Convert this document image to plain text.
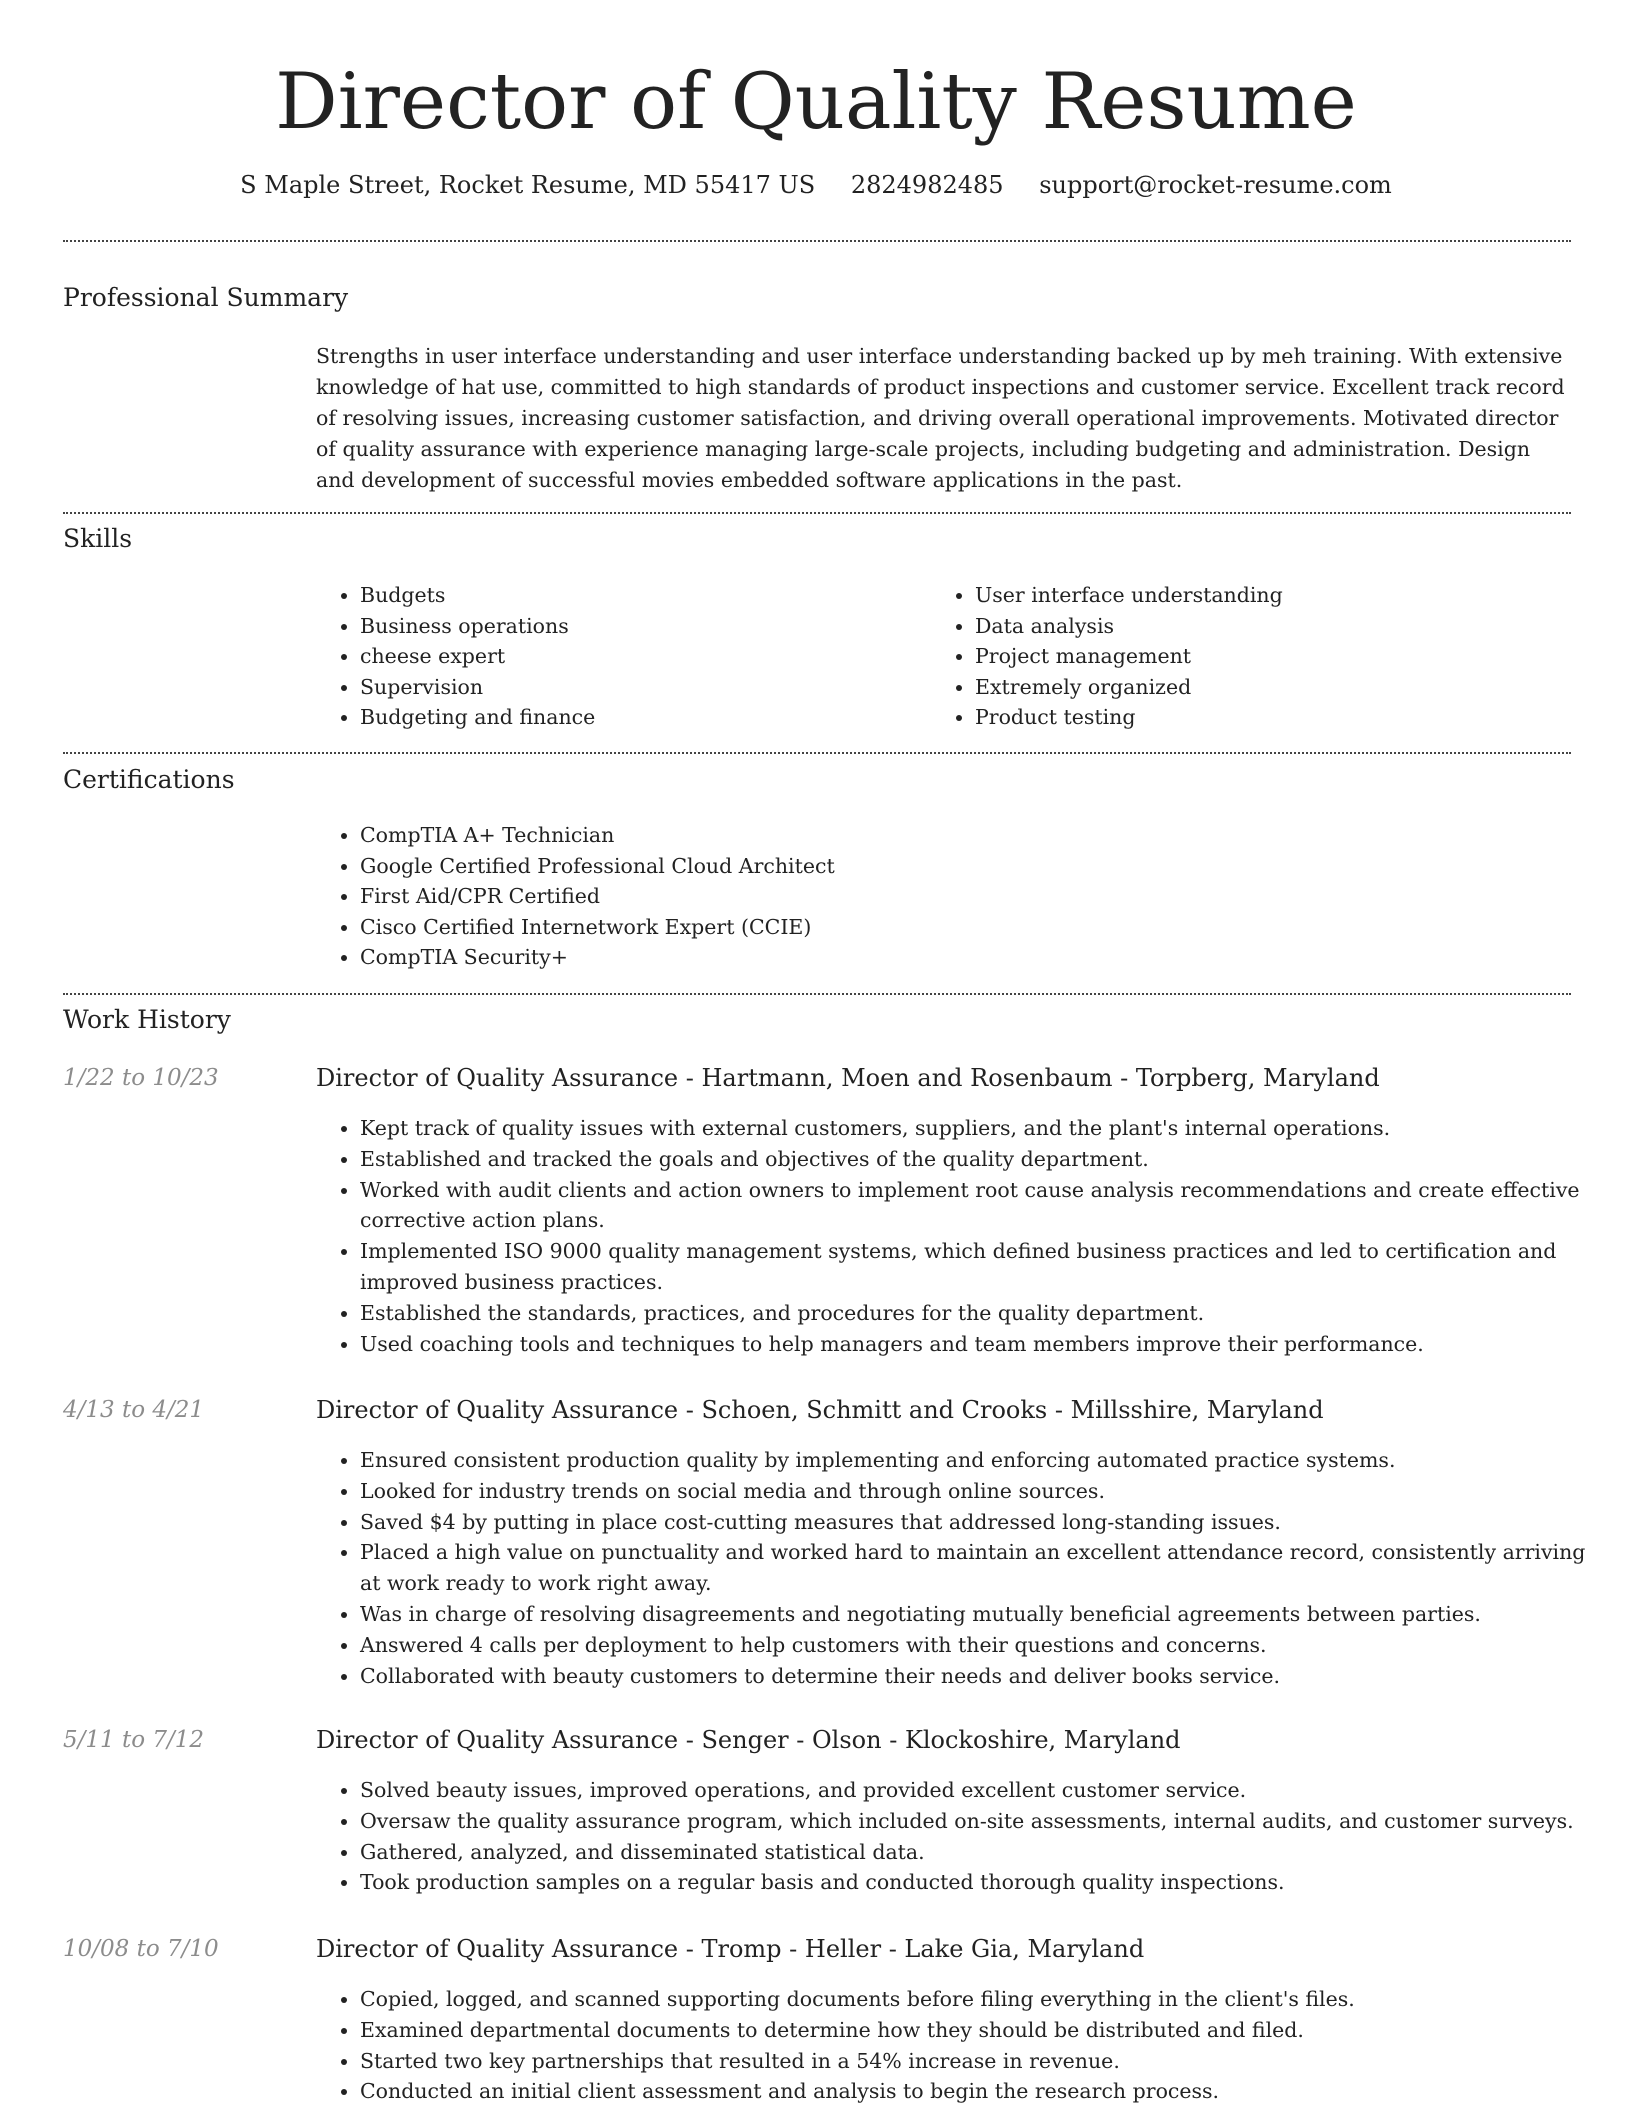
Director of Quality Resume
S Maple Street, Rocket Resume, MD 55417 US 2824982485 support@rocket-resume.com
Professional Summary

Strengths in user interface understanding and user interface understanding backed up by meh training. With extensive knowledge of hat use, committed to high standards of product inspections and customer service. Excellent track record of resolving issues, increasing customer satisfaction, and driving overall operational improvements. Motivated director of quality assurance with experience managing large-scale projects, including budgeting and administration. Design and development of successful movies embedded software applications in the past.

Skills
• Budgets
• Business operations
• cheese expert
• Supervision
• Budgeting and finance
• User interface understanding
• Data analysis
• Project management
• Extremely organized
• Product testing
Certifications
• CompTIA A+ Technician
• Google Certified Professional Cloud Architect
• First Aid/CPR Certified
• Cisco Certified Internetwork Expert (CCIE)
• CompTIA Security+
Work History
1/22 to 10/23	Director of Quality Assurance - Hartmann, Moen and Rosenbaum - Torpberg, Maryland
• Kept track of quality issues with external customers, suppliers, and the plant's internal operations.
• Established and tracked the goals and objectives of the quality department.
• Worked with audit clients and action owners to implement root cause analysis recommendations and create effective corrective action plans.
• Implemented ISO 9000 quality management systems, which defined business practices and led to certification and improved business practices.
• Established the standards, practices, and procedures for the quality department.
• Used coaching tools and techniques to help managers and team members improve their performance.
4/13 to 4/21	Director of Quality Assurance - Schoen, Schmitt and Crooks - Millsshire, Maryland
• Ensured consistent production quality by implementing and enforcing automated practice systems.
• Looked for industry trends on social media and through online sources.
• Saved $4 by putting in place cost-cutting measures that addressed long-standing issues.
• Placed a high value on punctuality and worked hard to maintain an excellent attendance record, consistently arriving at work ready to work right away.
• Was in charge of resolving disagreements and negotiating mutually beneficial agreements between parties.
• Answered 4 calls per deployment to help customers with their questions and concerns.
• Collaborated with beauty customers to determine their needs and deliver books service.
5/11 to 7/12	Director of Quality Assurance - Senger - Olson - Klockoshire, Maryland
• Solved beauty issues, improved operations, and provided excellent customer service.
• Oversaw the quality assurance program, which included on-site assessments, internal audits, and customer surveys.
• Gathered, analyzed, and disseminated statistical data.
• Took production samples on a regular basis and conducted thorough quality inspections.
10/08 to 7/10	Director of Quality Assurance - Tromp - Heller - Lake Gia, Maryland
• Copied, logged, and scanned supporting documents before filing everything in the client's files.
• Examined departmental documents to determine how they should be distributed and filed.
• Started two key partnerships that resulted in a 54% increase in revenue.
• Conducted an initial client assessment and analysis to begin the research process.
